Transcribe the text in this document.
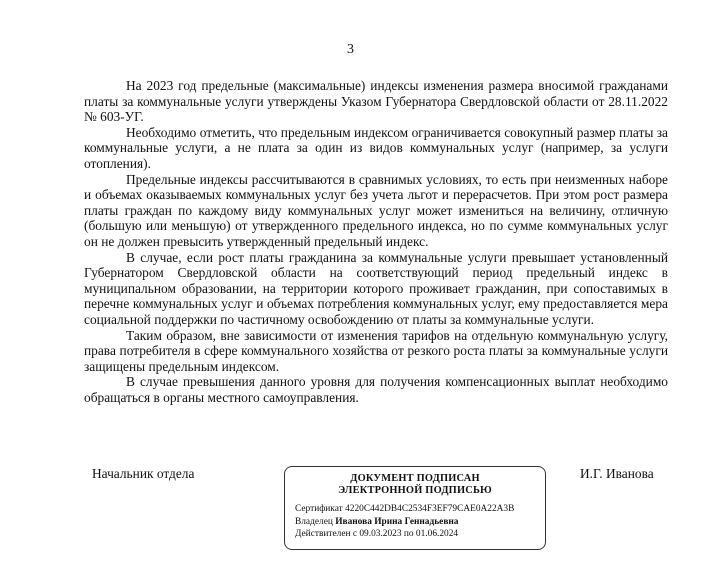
3

На 2023 год предельные (максимальные) индексы изменения размера вносимой гражданами платы за коммунальные услуги утверждены Указом Губернатора Свердловской области от 28.11.2022 № 603-УГ.

Необходимо отметить, что предельным индексом ограничивается совокупный размер платы за коммунальные услуги, а не плата за один из видов коммунальных услуг (например, за услуги отопления).

Предельные индексы рассчитываются в сравнимых условиях, то есть при неизменных наборе и объемах оказываемых коммунальных услуг без учета льгот и перерасчетов. При этом рост размера платы граждан по каждому виду коммунальных услуг может измениться на величину, отличную (большую или меньшую) от утвержденного предельного индекса, но по сумме коммунальных услуг он не должен превысить утвержденный предельный индекс.

В случае, если рост платы гражданина за коммунальные услуги превышает установленный Губернатором Свердловской области на соответствующий период предельный индекс в муниципальном образовании, на территории которого проживает гражданин, при сопоставимых в перечне коммунальных услуг и объемах потребления коммунальных услуг, ему предоставляется мера социальной поддержки по частичному освобождению от платы за коммунальные услуги.

Таким образом, вне зависимости от изменения тарифов на отдельную коммунальную услугу, права потребителя в сфере коммунального хозяйства от резкого роста платы за коммунальные услуги защищены предельным индексом.

В случае превышения данного уровня для получения компенсационных выплат необходимо обращаться в органы местного самоуправления.

Начальник отдела	ДОКУМЕНТ ПОДПИСАН
ЭЛЕКТРОННОЙ ПОДПИСЬЮ
Сертификат 4220C442DB4C2534F3EF79CAE0A22A3B
Владелец Иванова Ирина Геннадьевна
Действителен с 09.03.2023 по 01.06.2024
И.Г. Иванова
